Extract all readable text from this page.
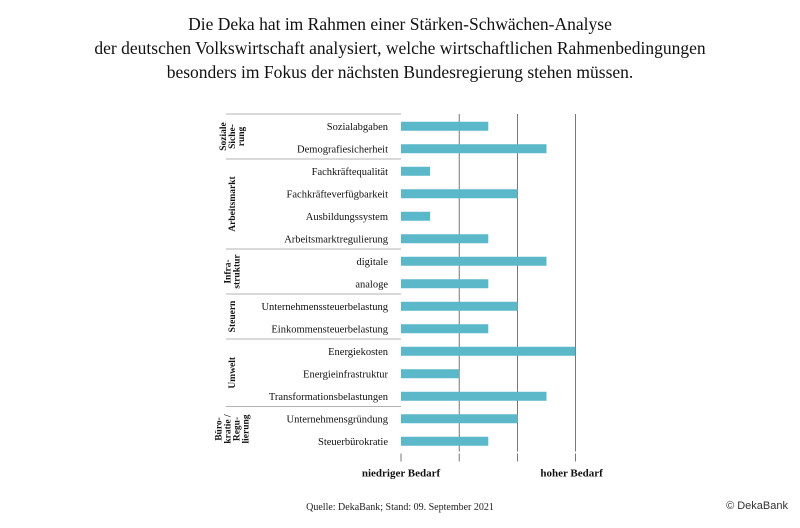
Die Deka hat im Rahmen einer Stärken-Schwächen-Analyse
der deutschen Volkswirtschaft analysiert, welche wirtschaftlichen Rahmenbedingungen
besonders im Fokus der nächsten Bundesregierung stehen müssen.
niedriger Bedarf	hoher Bedarf
SozialeSiche-rung	Sozialabgaben
Demografiesicherheit
Arbeitsmarkt
Fachkräftequalität
Fachkräfteverfügbarkeit
Ausbildungssystem
Arbeitsmarktregulierung
Infra-struktur	digitale
analoge
Steuern Unternehmenssteuerbelastung
Einkommensteuerbelastung
Umwelt
Energiekosten
Energieinfrastruktur
Transformationsbelastungen
Büro-kratie /Regu-lierung	Unternehmensgründung
Steuerbürokratie
Quelle: DekaBank; Stand: 09. September 2021	© DekaBank
